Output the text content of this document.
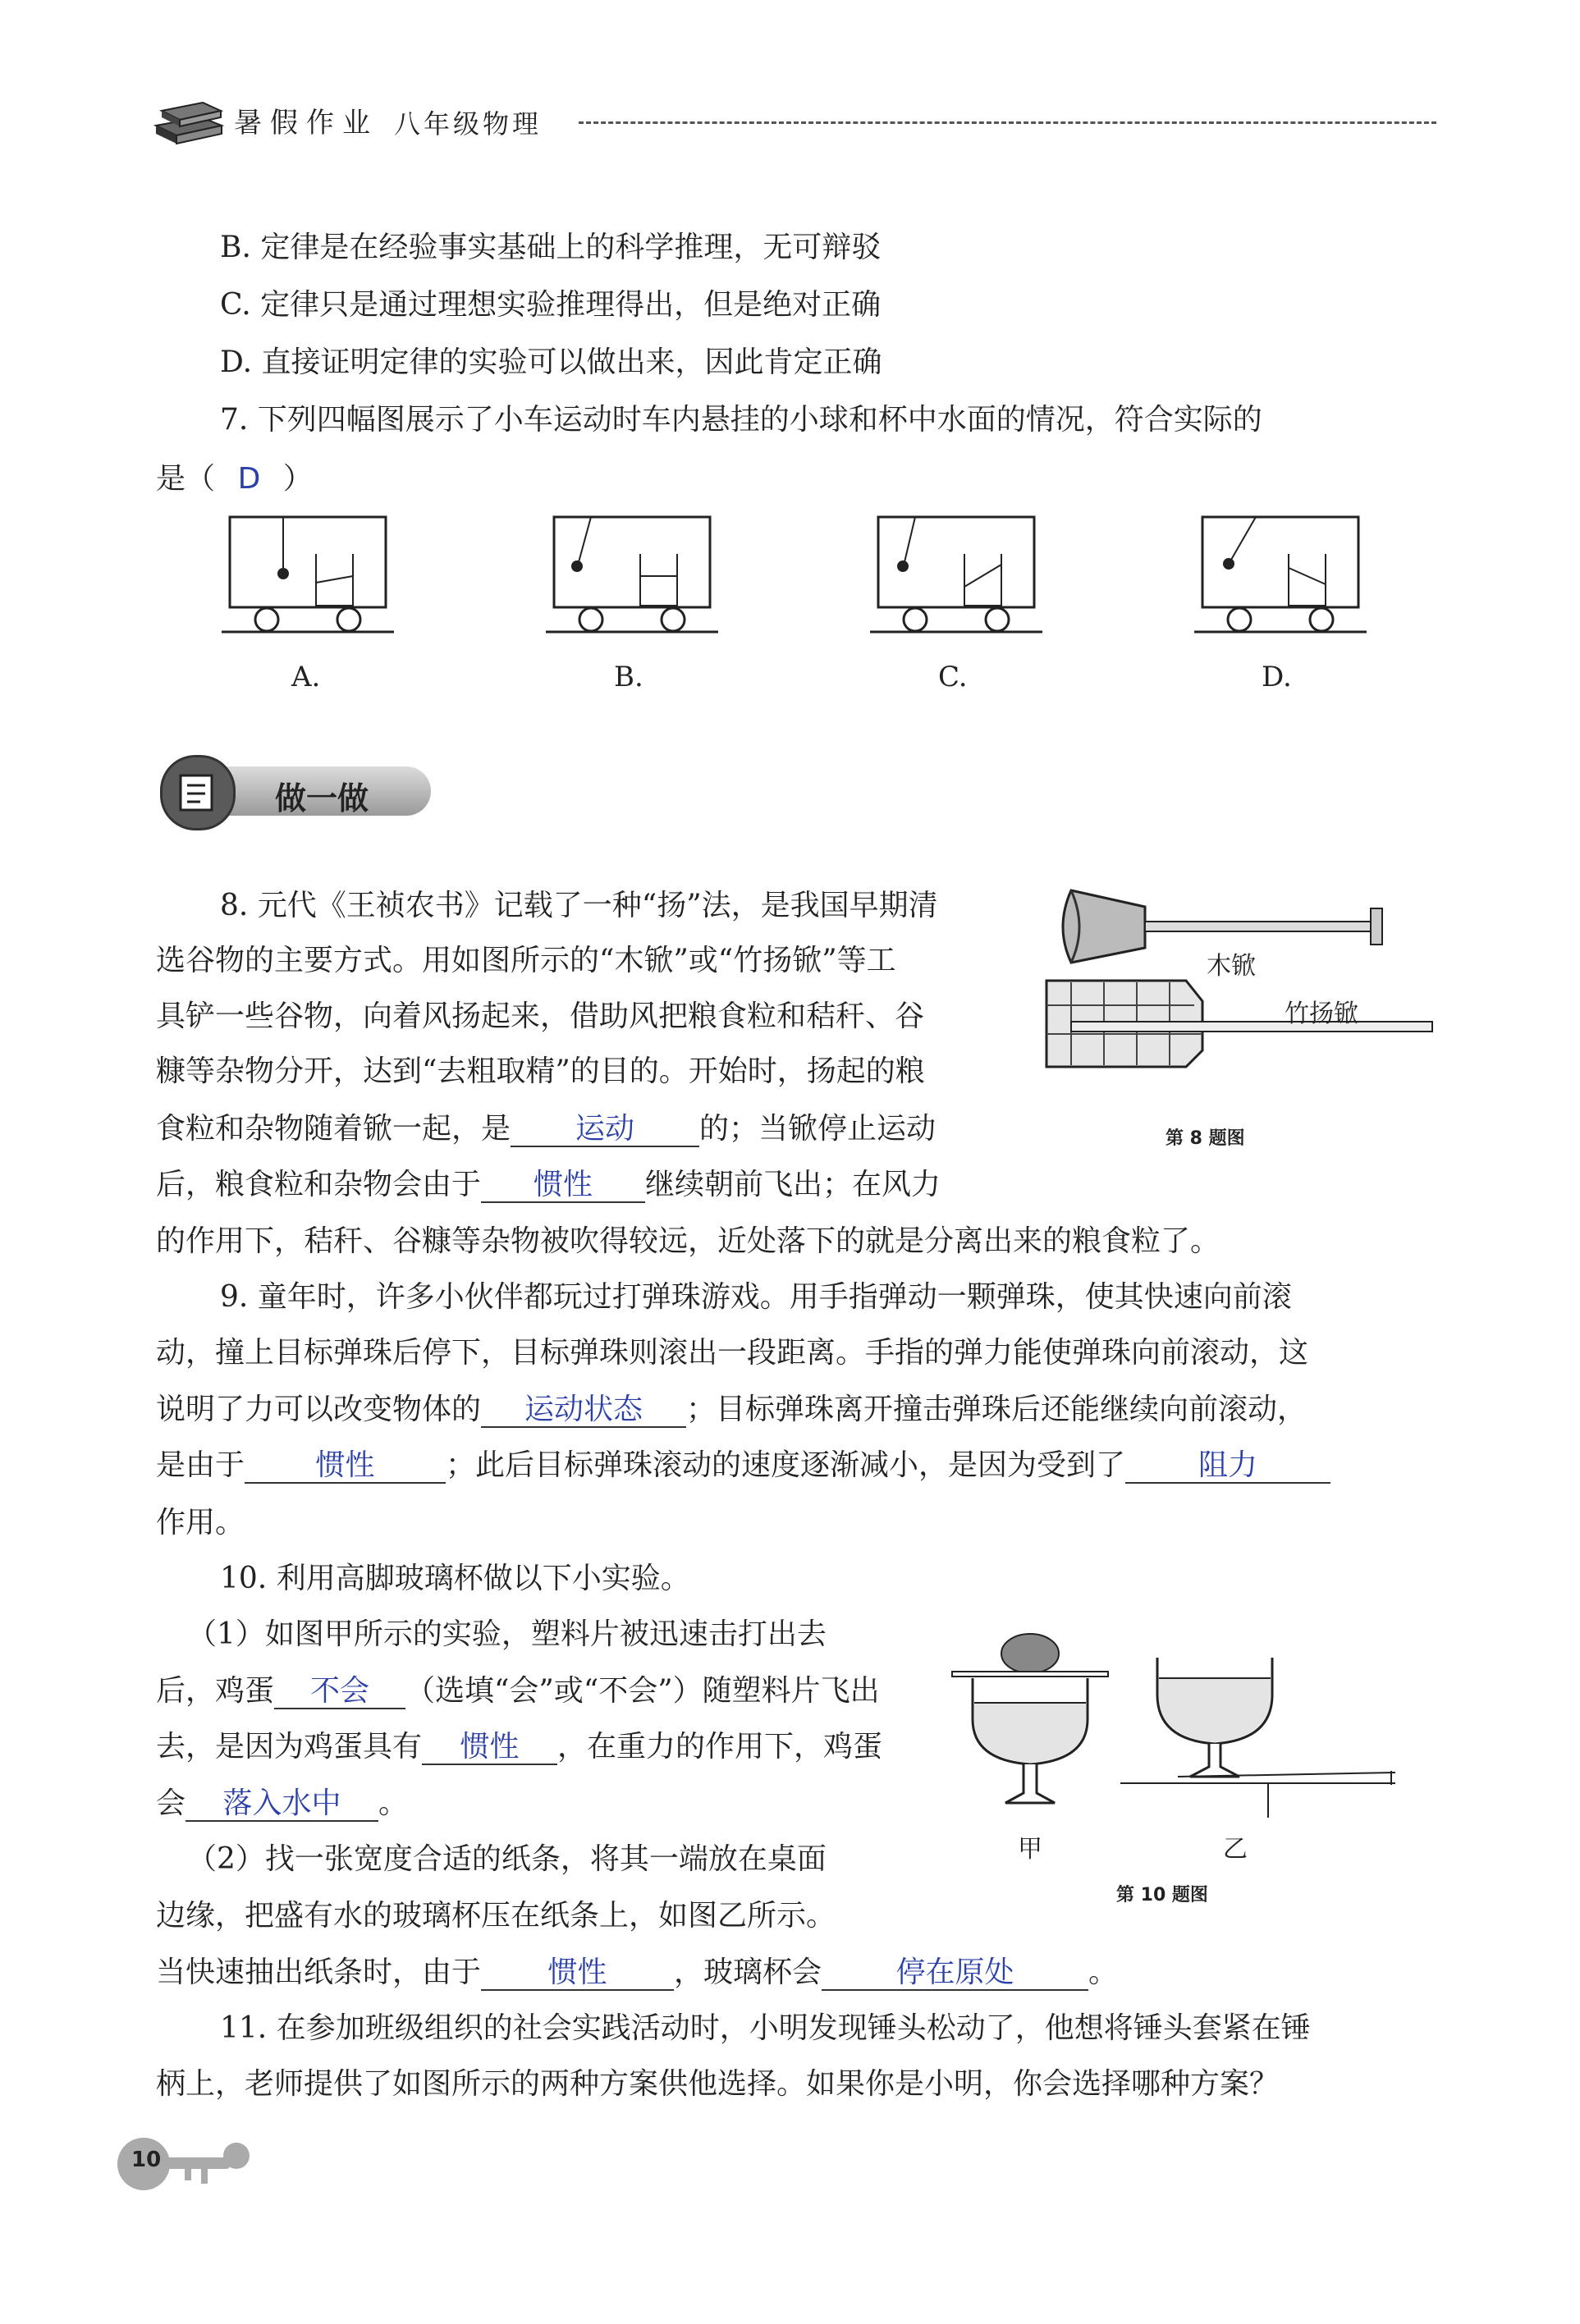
暑假作业 八年级物理
B. 定律是在经验事实基础上的科学推理，无可辩驳
C. 定律只是通过理想实验推理得出，但是绝对正确
D. 直接证明定律的实验可以做出来，因此肯定正确
7. 下列四幅图展示了小车运动时车内悬挂的小球和杯中水面的情况，符合实际的
是（ D ）
A.	B.	C.	D.
做一做
8. 元代《王祯农书》记载了一种“扬”法，是我国早期清
选谷物的主要方式。用如图所示的“木锨”或“竹扬锨”等工
具铲一些谷物，向着风扬起来，借助风把粮食粒和秸秆、谷
糠等杂物分开，达到“去粗取精”的目的。开始时，扬起的粮
食粒和杂物随着锨一起，是 运动 的；当锨停止运动
后，粮食粒和杂物会由于 惯性 继续朝前飞出；在风力
的作用下，秸秆、谷糠等杂物被吹得较远，近处落下的就是分离出来的粮食粒了。
木锨
竹扬锨
第 8 题图
9. 童年时，许多小伙伴都玩过打弹珠游戏。用手指弹动一颗弹珠，使其快速向前滚
动，撞上目标弹珠后停下，目标弹珠则滚出一段距离。手指的弹力能使弹珠向前滚动，这
说明了力可以改变物体的 运动状态 ；目标弹珠离开撞击弹珠后还能继续向前滚动，
是由于 惯性 ；此后目标弹珠滚动的速度逐渐减小，是因为受到了 阻力
作用。
10. 利用高脚玻璃杯做以下小实验。
（1）如图甲所示的实验，塑料片被迅速击打出去
后，鸡蛋 不会 （选填“会”或“不会”）随塑料片飞出
去，是因为鸡蛋具有 惯性 ，在重力的作用下，鸡蛋
会 落入水中 。
（2）找一张宽度合适的纸条，将其一端放在桌面
边缘，把盛有水的玻璃杯压在纸条上，如图乙所示。
当快速抽出纸条时，由于 惯性 ，玻璃杯会	停在原处	。
甲	乙
第 10 题图
11. 在参加班级组织的社会实践活动时，小明发现锤头松动了，他想将锤头套紧在锤
柄上，老师提供了如图所示的两种方案供他选择。如果你是小明，你会选择哪种方案？
10
